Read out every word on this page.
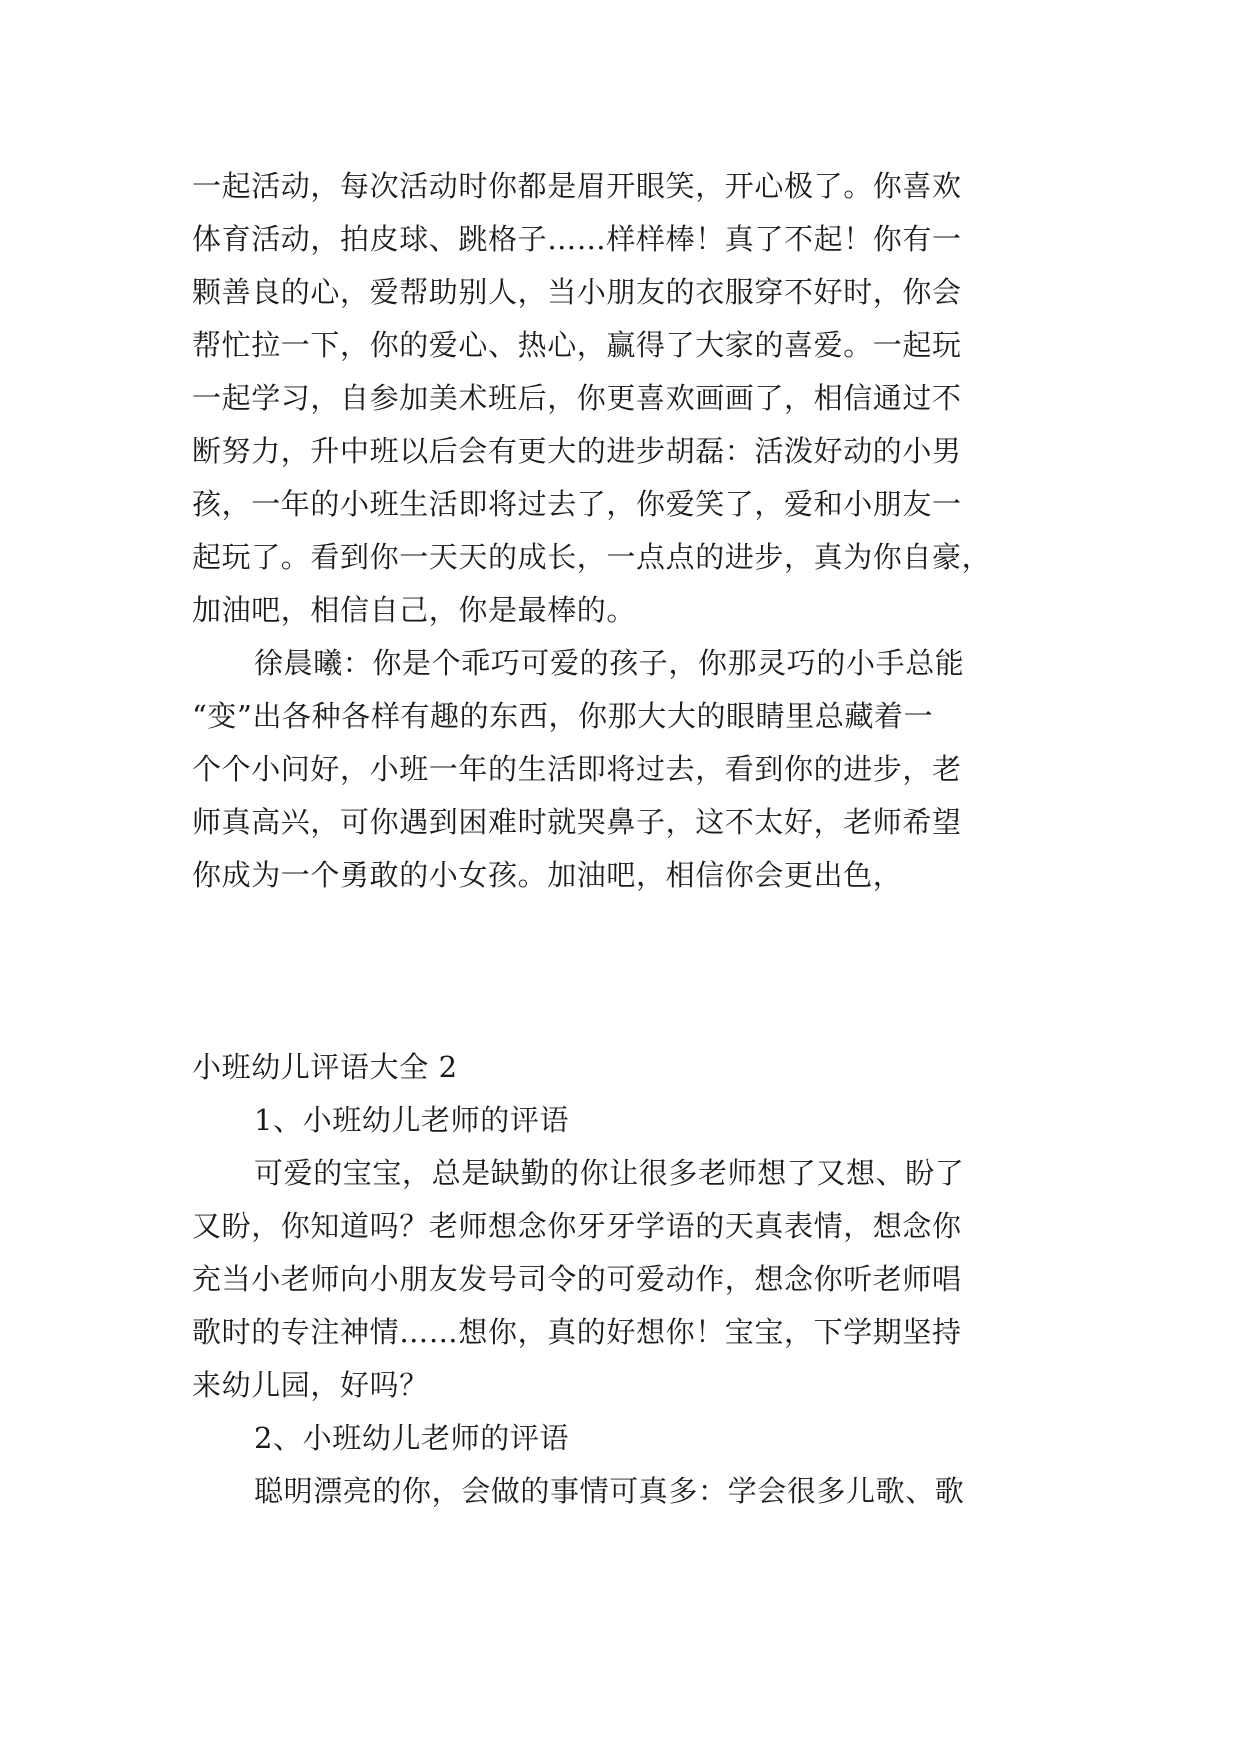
一起活动，每次活动时你都是眉开眼笑，开心极了。你喜欢
体育活动，拍皮球、跳格子……样样棒！真了不起！你有一
颗善良的心，爱帮助别人，当小朋友的衣服穿不好时，你会
帮忙拉一下，你的爱心、热心，赢得了大家的喜爱。一起玩
一起学习，自参加美术班后，你更喜欢画画了，相信通过不
断努力，升中班以后会有更大的进步胡磊：活泼好动的小男
孩，一年的小班生活即将过去了，你爱笑了，爱和小朋友一
起玩了。看到你一天天的成长，一点点的进步，真为你自豪，
加油吧，相信自己，你是最棒的。
徐晨曦：你是个乖巧可爱的孩子，你那灵巧的小手总能
“变”出各种各样有趣的东西，你那大大的眼睛里总藏着一
个个小问好，小班一年的生活即将过去，看到你的进步，老
师真高兴，可你遇到困难时就哭鼻子，这不太好，老师希望
你成为一个勇敢的小女孩。加油吧，相信你会更出色，
小班幼儿评语大全 2
1、小班幼儿老师的评语
可爱的宝宝，总是缺勤的你让很多老师想了又想、盼了
又盼，你知道吗？老师想念你牙牙学语的天真表情，想念你
充当小老师向小朋友发号司令的可爱动作，想念你听老师唱
歌时的专注神情……想你，真的好想你！宝宝，下学期坚持
来幼儿园，好吗？
2、小班幼儿老师的评语
聪明漂亮的你，会做的事情可真多：学会很多儿歌、歌
